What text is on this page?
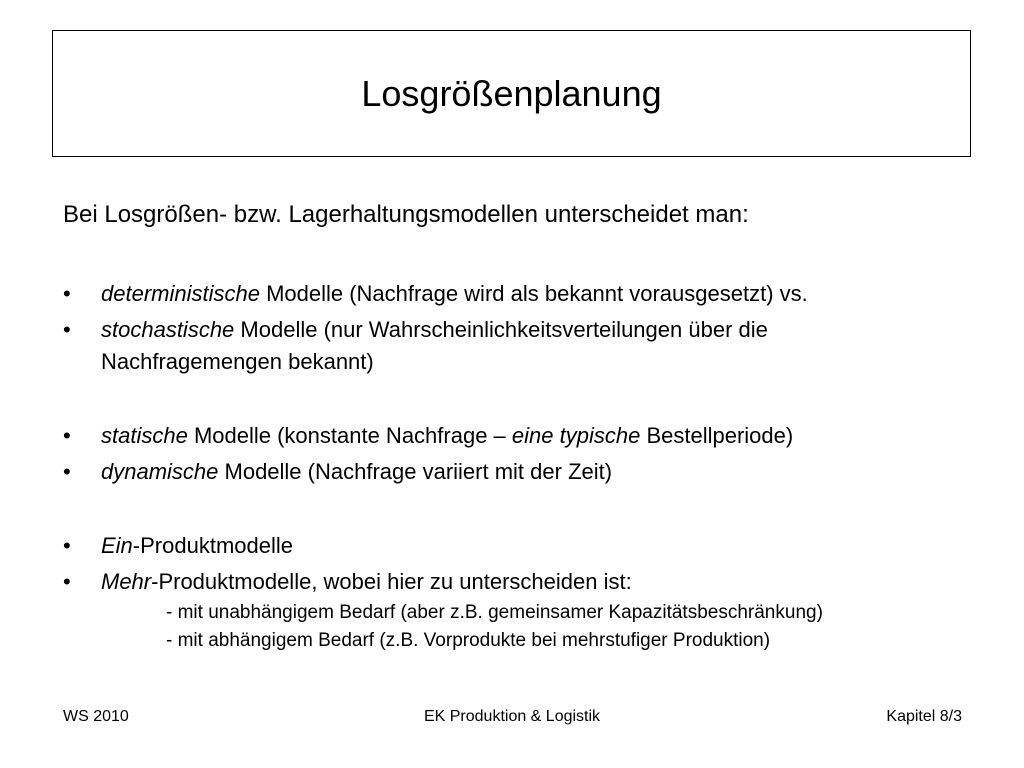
Losgrößenplanung
Bei Losgrößen- bzw. Lagerhaltungsmodellen unterscheidet man:
•	deterministische Modelle (Nachfrage wird als bekannt vorausgesetzt) vs.
•	stochastische Modelle (nur Wahrscheinlichkeitsverteilungen über die
Nachfragemengen bekannt)
•	statische Modelle (konstante Nachfrage – eine typische Bestellperiode)
•	dynamische Modelle (Nachfrage variiert mit der Zeit)
•	Ein-Produktmodelle
•	Mehr-Produktmodelle, wobei hier zu unterscheiden ist:
- mit unabhängigem Bedarf (aber z.B. gemeinsamer Kapazitätsbeschränkung)
- mit abhängigem Bedarf (z.B. Vorprodukte bei mehrstufiger Produktion)
WS 2010	EK Produktion & Logistik	Kapitel 8/3
